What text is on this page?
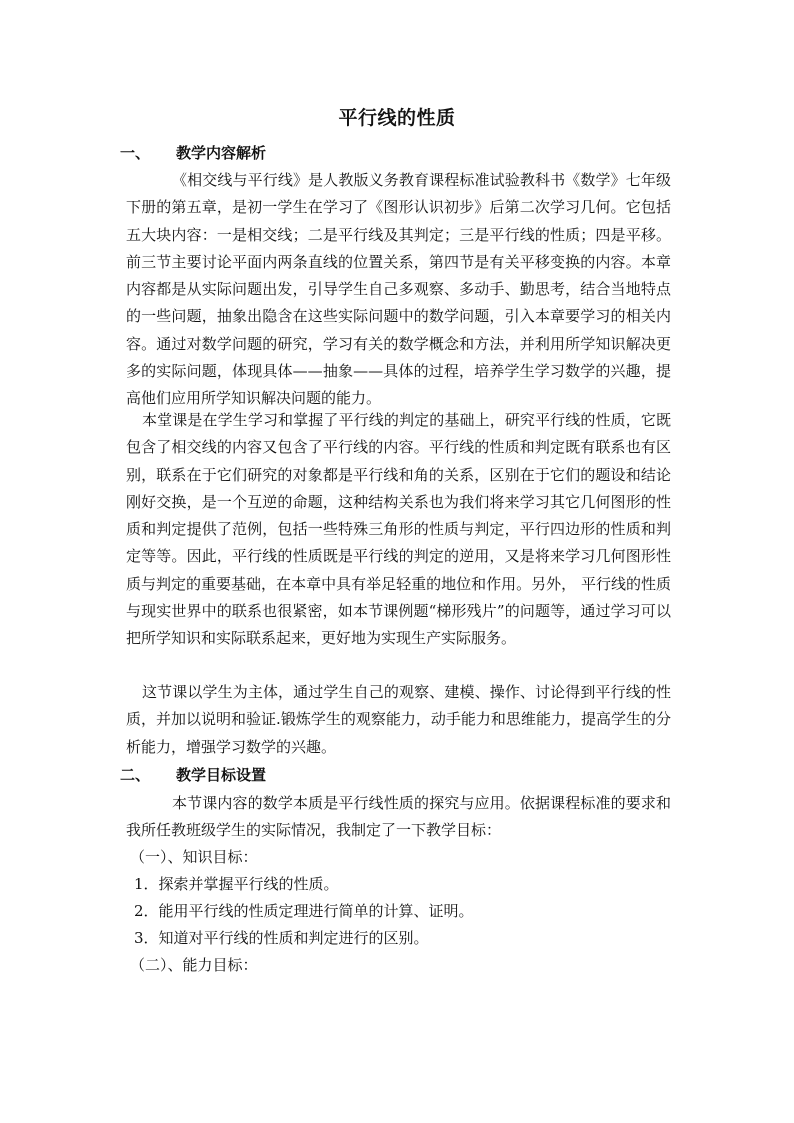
平行线的性质
一、 教学内容解析
《相交线与平行线》是人教版义务教育课程标准试验教科书《数学》七年级下册的第五章，是初一学生在学习了《图形认识初步》后第二次学习几何。它包括五大块内容：一是相交线；二是平行线及其判定；三是平行线的性质；四是平移。前三节主要讨论平面内两条直线的位置关系，第四节是有关平移变换的内容。本章内容都是从实际问题出发，引导学生自己多观察、多动手、勤思考，结合当地特点的一些问题，抽象出隐含在这些实际问题中的数学问题，引入本章要学习的相关内容。通过对数学问题的研究，学习有关的数学概念和方法，并利用所学知识解决更多的实际问题，体现具体——抽象——具体的过程，培养学生学习数学的兴趣，提高他们应用所学知识解决问题的能力。
本堂课是在学生学习和掌握了平行线的判定的基础上，研究平行线的性质，它既包含了相交线的内容又包含了平行线的内容。平行线的性质和判定既有联系也有区别，联系在于它们研究的对象都是平行线和角的关系，区别在于它们的题设和结论刚好交换，是一个互逆的命题，这种结构关系也为我们将来学习其它几何图形的性质和判定提供了范例，包括一些特殊三角形的性质与判定，平行四边形的性质和判定等等。因此，平行线的性质既是平行线的判定的逆用，又是将来学习几何图形性质与判定的重要基础，在本章中具有举足轻重的地位和作用。另外， 平行线的性质与现实世界中的联系也很紧密，如本节课例题“梯形残片”的问题等，通过学习可以把所学知识和实际联系起来，更好地为实现生产实际服务。
这节课以学生为主体，通过学生自己的观察、建模、操作、讨论得到平行线的性质，并加以说明和验证.锻炼学生的观察能力，动手能力和思维能力，提高学生的分析能力，增强学习数学的兴趣。
二、 教学目标设置
本节课内容的数学本质是平行线性质的探究与应用。依据课程标准的要求和我所任教班级学生的实际情况，我制定了一下教学目标：
（一）、知识目标：
1．探索并掌握平行线的性质。
2．能用平行线的性质定理进行简单的计算、证明。
3．知道对平行线的性质和判定进行的区别。
（二）、能力目标：
